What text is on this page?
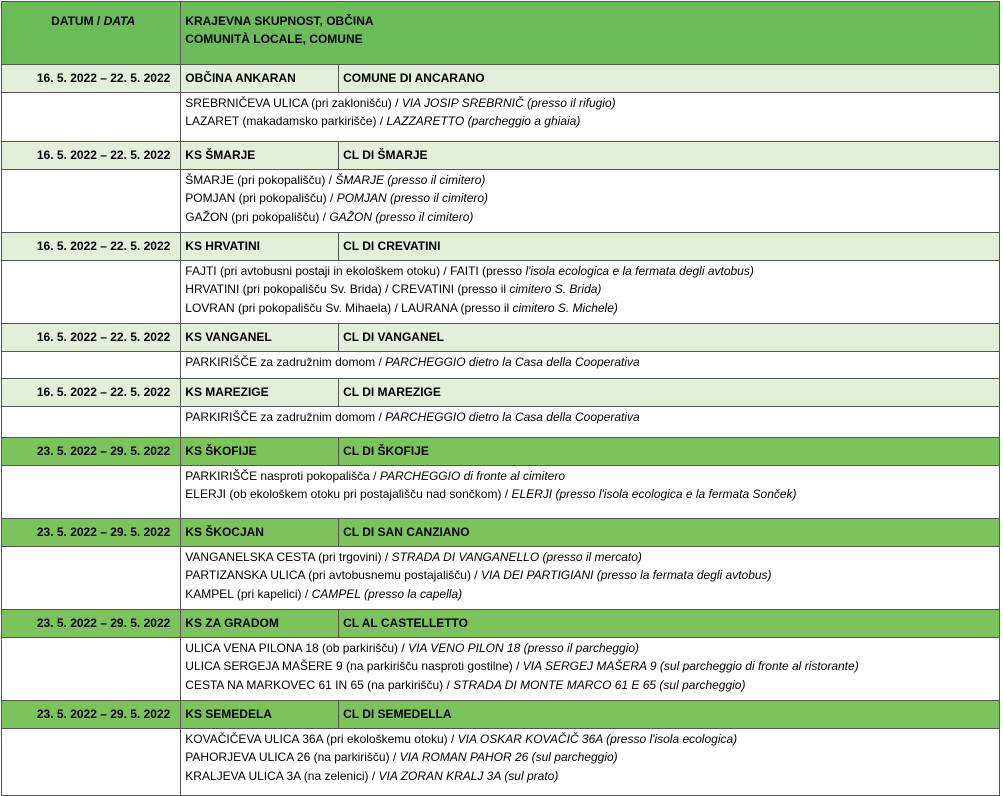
DATUM / DATA	KRAJEVNA SKUPNOST, OBČINA
COMUNITÀ LOCALE, COMUNE	

16. 5. 2022 – 22. 5. 2022	OBČINA ANKARAN	COMUNE DI ANCARANO

	SREBRNIČEVA ULICA (pri zaklonišču) / VIA JOSIP SREBRNIČ (presso il rifugio)
LAZARET (makadamsko parkirišče) / LAZZARETTO (parcheggio a ghiaia)	

16. 5. 2022 – 22. 5. 2022	KS ŠMARJE	CL DI ŠMARJE

	ŠMARJE (pri pokopališču) / ŠMARJE (presso il cimitero)
POMJAN (pri pokopališču) / POMJAN (presso il cimitero)
GAŽON (pri pokopališču) / GAŽON (presso il cimitero)	

16. 5. 2022 – 22. 5. 2022	KS HRVATINI	CL DI CREVATINI

	FAJTI (pri avtobusni postaji in ekološkem otoku) / FAITI (presso l'isola ecologica e la fermata degli avtobus)
HRVATINI (pri pokopališču Sv. Brida) / CREVATINI (presso il cimitero S. Brida)
LOVRAN (pri pokopališču Sv. Mihaela) / LAURANA (presso il cimitero S. Michele)	

16. 5. 2022 – 22. 5. 2022	KS VANGANEL	CL DI VANGANEL

	PARKIRIŠČE za zadružnim domom / PARCHEGGIO dietro la Casa della Cooperativa	

16. 5. 2022 – 22. 5. 2022	KS MAREZIGE	CL DI MAREZIGE

	PARKIRIŠČE za zadružnim domom / PARCHEGGIO dietro la Casa della Cooperativa	

23. 5. 2022 – 29. 5. 2022	KS ŠKOFIJE	CL DI ŠKOFIJE

	PARKIRIŠČE nasproti pokopališča / PARCHEGGIO di fronte al cimitero
ELERJI (ob ekološkem otoku pri postajališču nad sončkom) / ELERJI (presso l'isola ecologica e la fermata Sonček)	

23. 5. 2022 – 29. 5. 2022	KS ŠKOCJAN	CL DI SAN CANZIANO

	VANGANELSKA CESTA (pri trgovini) / STRADA DI VANGANELLO (presso il mercato)
PARTIZANSKA ULICA (pri avtobusnemu postajališču) / VIA DEI PARTIGIANI (presso la fermata degli avtobus)
KAMPEL (pri kapelici) / CAMPEL (presso la capella)	

23. 5. 2022 – 29. 5. 2022	KS ZA GRADOM	CL AL CASTELLETTO

	ULICA VENA PILONA 18 (ob parkirišču) / VIA VENO PILON 18 (presso il parcheggio)
ULICA SERGEJA MAŠERE 9 (na parkirišču nasproti gostilne) / VIA SERGEJ MAŠERA 9 (sul parcheggio di fronte al ristorante)
CESTA NA MARKOVEC 61 IN 65 (na parkirišču) / STRADA DI MONTE MARCO 61 E 65 (sul parcheggio)	

23. 5. 2022 – 29. 5. 2022	KS SEMEDELA	CL DI SEMEDELLA

	KOVAČIČEVA ULICA 36A (pri ekološkemu otoku) / VIA OSKAR KOVAČIČ 36A (presso l'isola ecologica)
PAHORJEVA ULICA 26 (na parkirišču) / VIA ROMAN PAHOR 26 (sul parcheggio)
KRALJEVA ULICA 3A (na zelenici) / VIA ZORAN KRALJ 3A (sul prato)	
